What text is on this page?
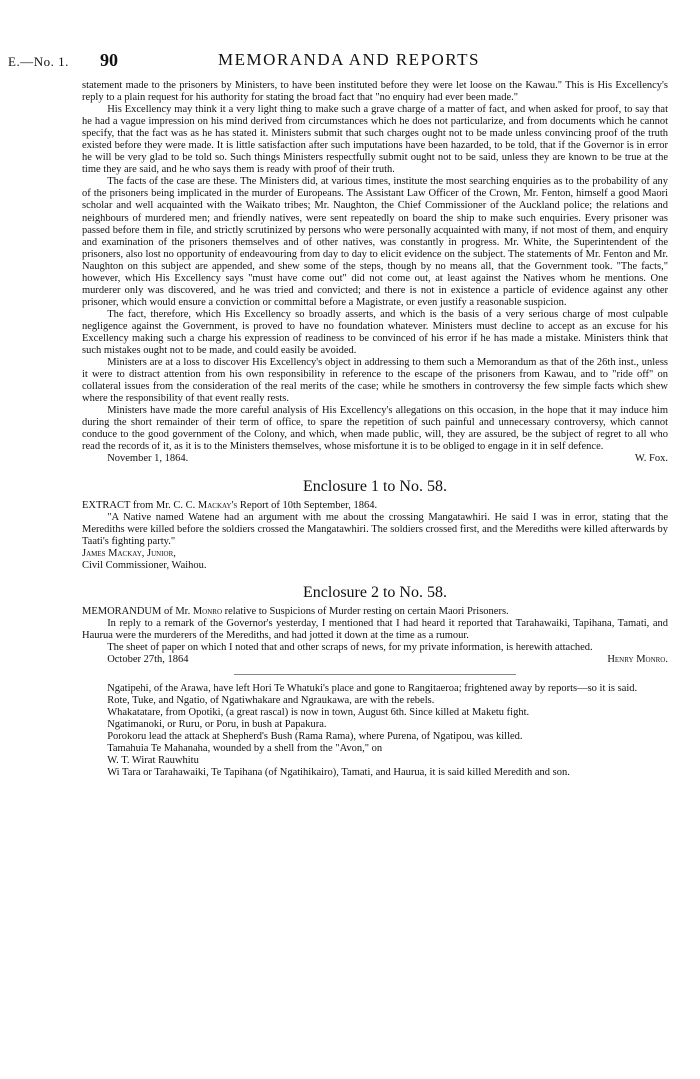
E.—No. 1. 90	MEMORANDA AND REPORTS

statement made to the prisoners by Ministers, to have been instituted before they were let loose on the Kawau." This is His Excellency's reply to a plain request for his authority for stating the broad fact that "no enquiry had ever been made."

His Excellency may think it a very light thing to make such a grave charge of a matter of fact, and when asked for proof, to say that he had a vague impression on his mind derived from circumstances which he does not particularize, and from documents which he cannot specify, that the fact was as he has stated it. Ministers submit that such charges ought not to be made unless convincing proof of the truth existed before they were made. It is little satisfaction after such imputations have been hazarded, to be told, that if the Governor is in error he will be very glad to be told so. Such things Ministers respectfully submit ought not to be said, unless they are known to be true at the time they are said, and he who says them is ready with proof of their truth.

The facts of the case are these. The Ministers did, at various times, institute the most searching enquiries as to the probability of any of the prisoners being implicated in the murder of Europeans. The Assistant Law Officer of the Crown, Mr. Fenton, himself a good Maori scholar and well acquainted with the Waikato tribes; Mr. Naughton, the Chief Commissioner of the Auckland police; the relations and neighbours of murdered men; and friendly natives, were sent repeatedly on board the ship to make such enquiries. Every prisoner was passed before them in file, and strictly scrutinized by persons who were personally acquainted with many, if not most of them, and enquiry and examination of the prisoners themselves and of other natives, was constantly in progress. Mr. White, the Superintendent of the prisoners, also lost no opportunity of endeavouring from day to day to elicit evidence on the subject. The statements of Mr. Fenton and Mr. Naughton on this subject are appended, and shew some of the steps, though by no means all, that the Government took. "The facts," however, which His Excellency says "must have come out" did not come out, at least against the Natives whom he mentions. One murderer only was discovered, and he was tried and convicted; and there is not in existence a particle of evidence against any other prisoner, which would ensure a conviction or committal before a Magistrate, or even justify a reasonable suspicion.

The fact, therefore, which His Excellency so broadly asserts, and which is the basis of a very serious charge of most culpable negligence against the Government, is proved to have no foundation whatever. Ministers must decline to accept as an excuse for his Excellency making such a charge his expression of readiness to be convinced of his error if he has made a mistake. Ministers think that such mistakes ought not to be made, and could easily be avoided.

Ministers are at a loss to discover His Excellency's object in addressing to them such a Memorandum as that of the 26th inst., unless it were to distract attention from his own responsibility in reference to the escape of the prisoners from Kawau, and to "ride off" on collateral issues from the consideration of the real merits of the case; while he smothers in controversy the few simple facts which shew where the responsibility of that event really rests.

Ministers have made the more careful analysis of His Excellency's allegations on this occasion, in the hope that it may induce him during the short remainder of their term of office, to spare the repetition of such painful and unnecessary controversy, which cannot conduce to the good government of the Colony, and which, when made public, will, they are assured, be the subject of regret to all who read the records of it, as it is to the Ministers themselves, whose misfortune it is to be obliged to engage in it in self defence.

November 1, 1864.	W. Fox.
Enclosure 1 to No. 58.

EXTRACT from Mr. C. C. Mackay's Report of 10th September, 1864.

"A Native named Watene had an argument with me about the crossing Mangatawhiri. He said I was in error, stating that the Merediths were killed before the soldiers crossed the Mangatawhiri. The soldiers crossed first, and the Merediths were killed afterwards by Taati's fighting party."

James Mackay, Junior,

Civil Commissioner, Waihou.

Enclosure 2 to No. 58.

MEMORANDUM of Mr. Monro relative to Suspicions of Murder resting on certain Maori Prisoners.

In reply to a remark of the Governor's yesterday, I mentioned that I had heard it reported that Tarahawaiki, Tapihana, Tamati, and Haurua were the murderers of the Merediths, and had jotted it down at the time as a rumour.

The sheet of paper on which I noted that and other scraps of news, for my private information, is herewith attached.

October 27th, 1864	Henry Monro.

Ngatipehi, of the Arawa, have left Hori Te Whatuki's place and gone to Rangitaeroa; frightened away by reports—so it is said.

Rote, Tuke, and Ngatio, of Ngatiwhakare and Ngraukawa, are with the rebels.

Whakatatare, from Opotiki, (a great rascal) is now in town, August 6th. Since killed at Maketu fight.

Ngatimanoki, or Ruru, or Poru, in bush at Papakura.

Porokoru lead the attack at Shepherd's Bush (Rama Rama), where Purena, of Ngatipou, was killed.

Tamahuia Te Mahanaha, wounded by a shell from the "Avon," on

W. T. Wirat Rauwhitu

Wi Tara or Tarahawaiki, Te Tapihana (of Ngatihikairo), Tamati, and Haurua, it is said killed Meredith and son.
